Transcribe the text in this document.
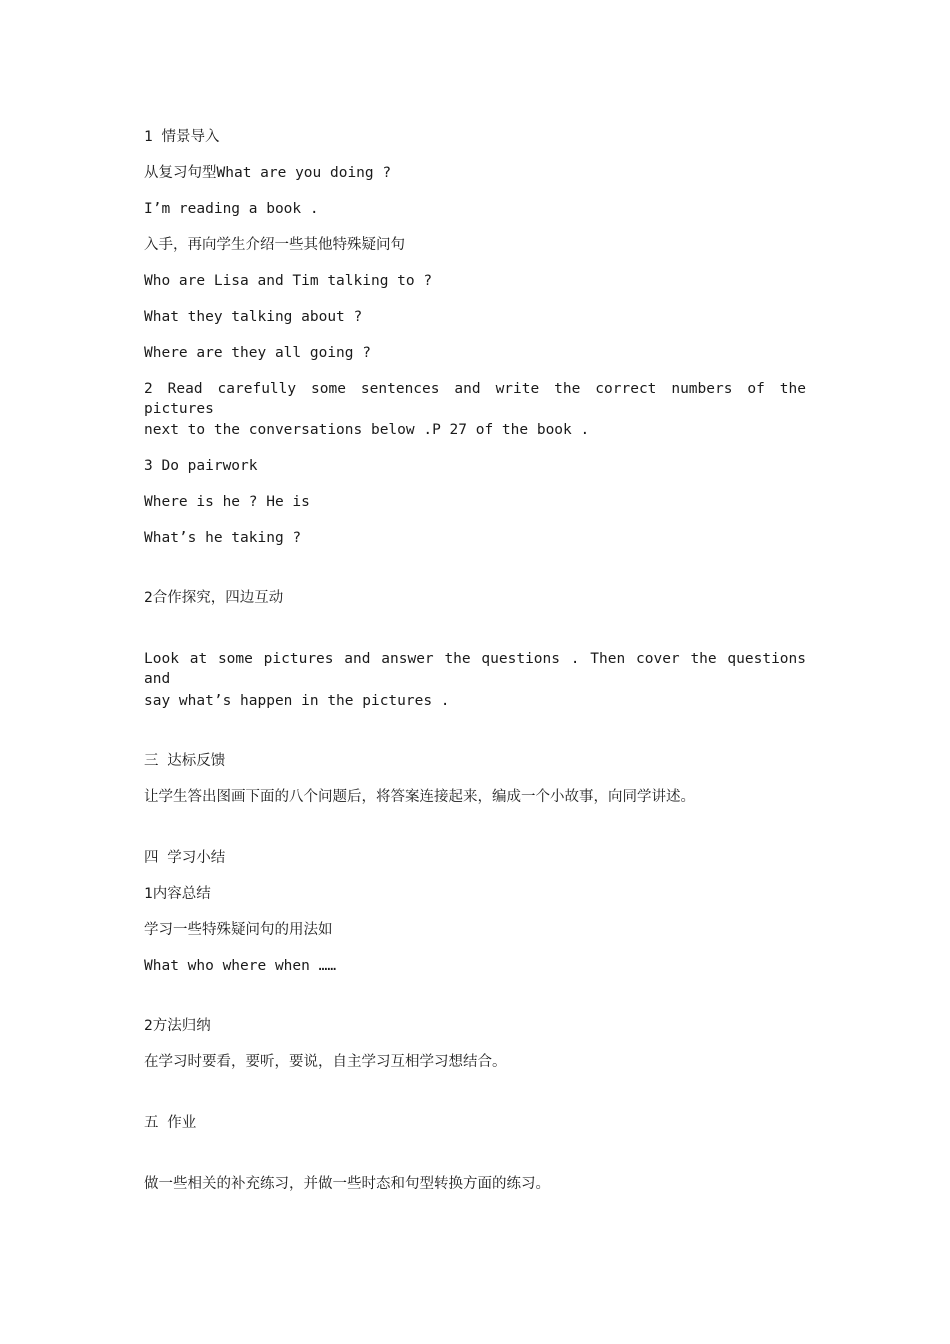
1 情景导入
从复习句型What are you doing ?
I’m reading a book .
入手，再向学生介绍一些其他特殊疑问句
Who are Lisa and Tim talking to ?
What they talking about ?
Where are they all going ?
2 Read carefully some sentences and write the correct numbers of the pictures
next to the conversations below .P 27 of the book .
3 Do pairwork
Where is he ? He is
What’s he taking ?
2合作探究，四边互动
Look at some pictures and answer the questions . Then cover the questions and
say what’s happen in the pictures .
三 达标反馈
让学生答出图画下面的八个问题后，将答案连接起来，编成一个小故事，向同学讲述。
四 学习小结
1内容总结
学习一些特殊疑问句的用法如
What who where when ……
2方法归纳
在学习时要看，要听，要说，自主学习互相学习想结合。
五 作业
做一些相关的补充练习，并做一些时态和句型转换方面的练习。
